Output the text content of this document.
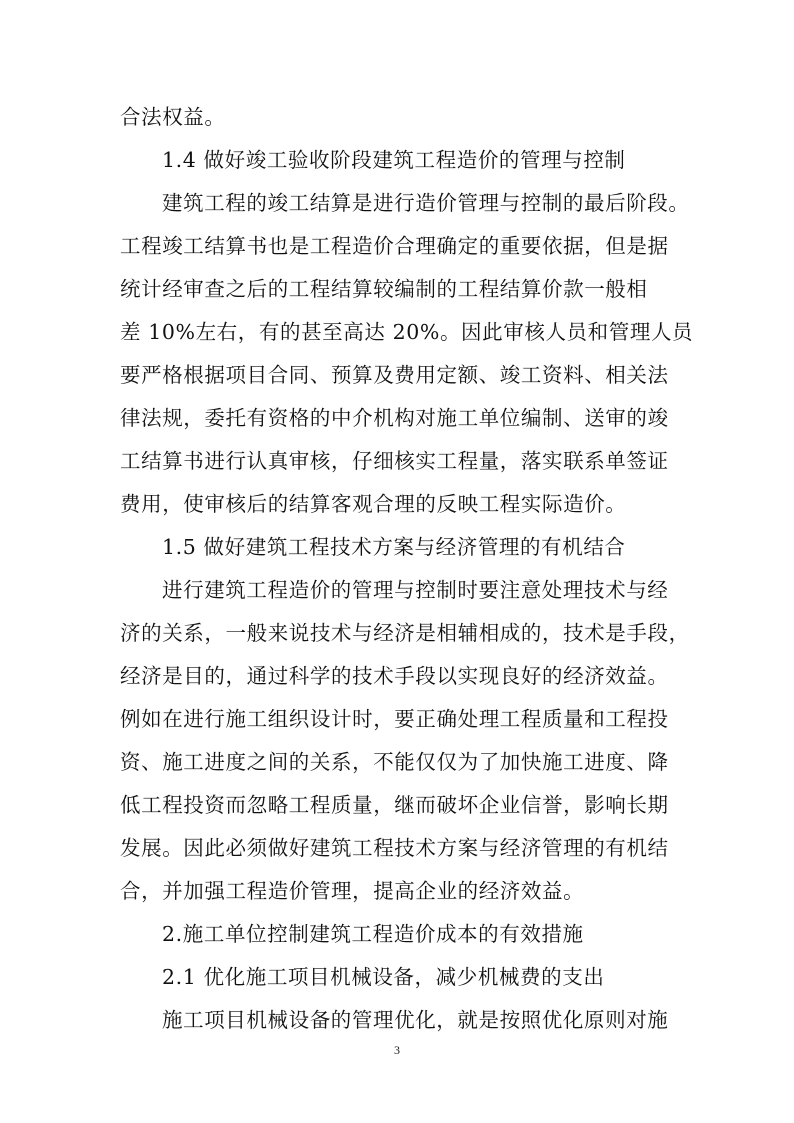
合法权益。
1.4 做好竣工验收阶段建筑工程造价的管理与控制
建筑工程的竣工结算是进行造价管理与控制的最后阶段。
工程竣工结算书也是工程造价合理确定的重要依据，但是据
统计经审查之后的工程结算较编制的工程结算价款一般相
差 10%左右，有的甚至高达 20%。因此审核人员和管理人员
要严格根据项目合同、预算及费用定额、竣工资料、相关法
律法规，委托有资格的中介机构对施工单位编制、送审的竣
工结算书进行认真审核，仔细核实工程量，落实联系单签证
费用，使审核后的结算客观合理的反映工程实际造价。
1.5 做好建筑工程技术方案与经济管理的有机结合
进行建筑工程造价的管理与控制时要注意处理技术与经
济的关系，一般来说技术与经济是相辅相成的，技术是手段，
经济是目的，通过科学的技术手段以实现良好的经济效益。
例如在进行施工组织设计时，要正确处理工程质量和工程投
资、施工进度之间的关系，不能仅仅为了加快施工进度、降
低工程投资而忽略工程质量，继而破坏企业信誉，影响长期
发展。因此必须做好建筑工程技术方案与经济管理的有机结
合，并加强工程造价管理，提高企业的经济效益。
2.施工单位控制建筑工程造价成本的有效措施
2.1 优化施工项目机械设备，减少机械费的支出
施工项目机械设备的管理优化，就是按照优化原则对施
3
